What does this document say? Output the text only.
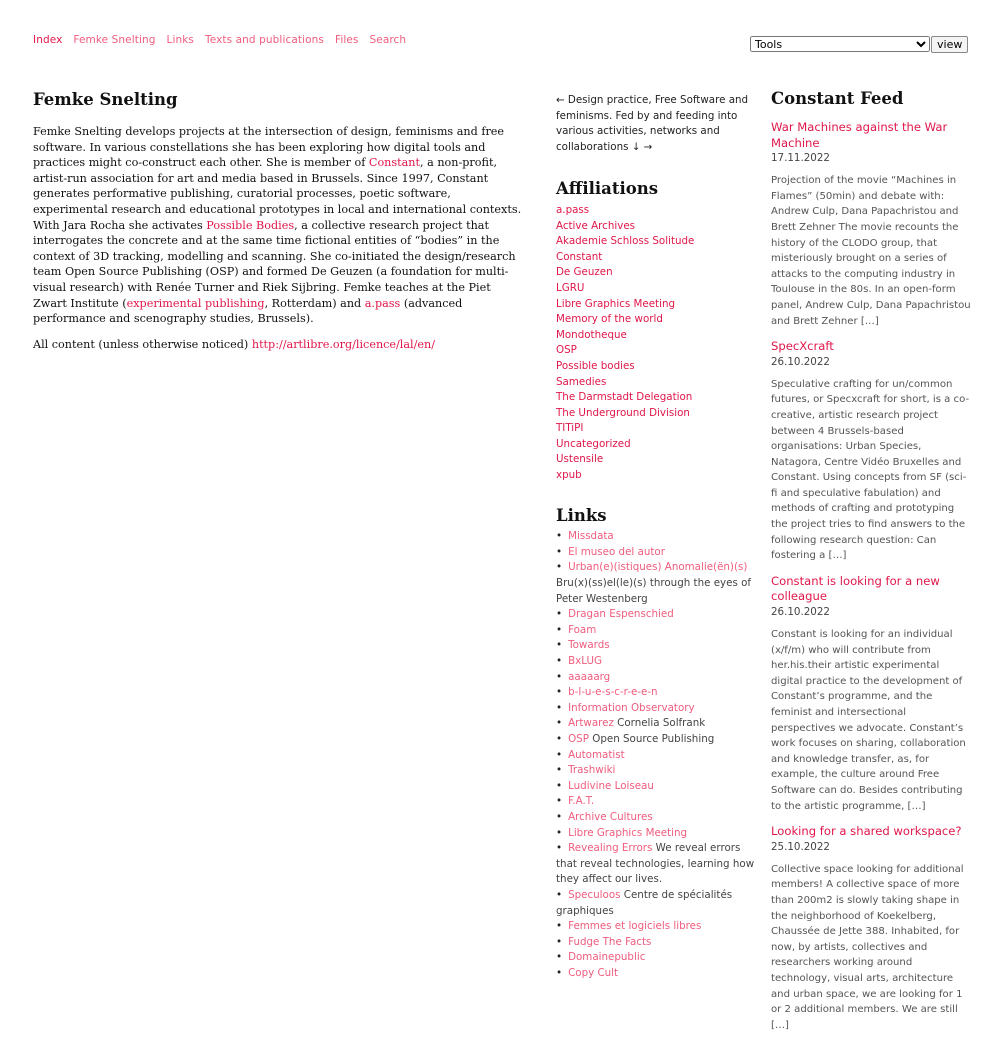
Index Femke Snelting Links Texts and publications Files Search
Tools	view
Femke Snelting

Femke Snelting develops projects at the intersection of design, feminisms and free software. In various constellations she has been exploring how digital tools and practices might co-construct each other. She is member of Constant, a non-profit, artist-run association for art and media based in Brussels. Since 1997, Constant generates performative publishing, curatorial processes, poetic software, experimental research and educational prototypes in local and international contexts. With Jara Rocha she activates Possible Bodies, a collective research project that interrogates the concrete and at the same time fictional entities of “bodies” in the context of 3D tracking, modelling and scanning. She co-initiated the design/research team Open Source Publishing (OSP) and formed De Geuzen (a foundation for multi-visual research) with Renée Turner and Riek Sijbring. Femke teaches at the Piet Zwart Institute (experimental publishing, Rotterdam) and a.pass (advanced performance and scenography studies, Brussels).

All content (unless otherwise noticed) http://artlibre.org/licence/lal/en/

← Design practice, Free Software and feminisms. Fed by and feeding into various activities, networks and collaborations ↓ →
Affiliations
a.pass
Active Archives
Akademie Schloss Solitude
Constant
De Geuzen
LGRU
Libre Graphics Meeting
Memory of the world
Mondotheque
OSP
Possible bodies
Samedies
The Darmstadt Delegation
The Underground Division
TITiPI
Uncategorized
Ustensile
xpub
Links
• Missdata
• El museo del autor
• Urban(e)(istiques) Anomalie(ën)(s) Bru(x)(ss)el(le)(s) through the eyes of Peter Westenberg
• Dragan Espenschied
• Foam
• Towards
• BxLUG
• aaaaarg
• b-l-u-e-s-c-r-e-e-n
• Information Observatory
• Artwarez Cornelia Solfrank
• OSP Open Source Publishing
• Automatist
• Trashwiki
• Ludivine Loiseau
• F.A.T.
• Archive Cultures
• Libre Graphics Meeting
• Revealing Errors We reveal errors that reveal technologies, learning how they affect our lives.
• Speculoos Centre de spécialités graphiques
• Femmes et logiciels libres
• Fudge The Facts
• Domainepublic
• Copy Cult
Constant Feed
War Machines against the War Machine
17.11.2022
Projection of the movie “Machines in Flames” (50min) and debate with: Andrew Culp, Dana Papachristou and Brett Zehner The movie recounts the history of the CLODO group, that misteriously brought on a series of attacks to the computing industry in Toulouse in the 80s. In an open-form panel, Andrew Culp, Dana Papachristou and Brett Zehner […]
SpecXcraft
26.10.2022
Speculative crafting for un/common futures, or Specxcraft for short, is a co-creative, artistic research project between 4 Brussels-based organisations: Urban Species, Natagora, Centre Vidéo Bruxelles and Constant. Using concepts from SF (sci-fi and speculative fabulation) and methods of crafting and prototyping the project tries to find answers to the following research question: Can fostering a […]
Constant is looking for a new colleague
26.10.2022
Constant is looking for an individual (x/f/m) who will contribute from her.his.their artistic experimental digital practice to the development of Constant’s programme, and the feminist and intersectional perspectives we advocate. Constant’s work focuses on sharing, collaboration and knowledge transfer, as, for example, the culture around Free Software can do. Besides contributing to the artistic programme, […]
Looking for a shared workspace?
25.10.2022
Collective space looking for additional members! A collective space of more than 200m2 is slowly taking shape in the neighborhood of Koekelberg, Chaussée de Jette 388. Inhabited, for now, by artists, collectives and researchers working around technology, visual arts, architecture and urban space, we are looking for 1 or 2 additional members. We are still […]
